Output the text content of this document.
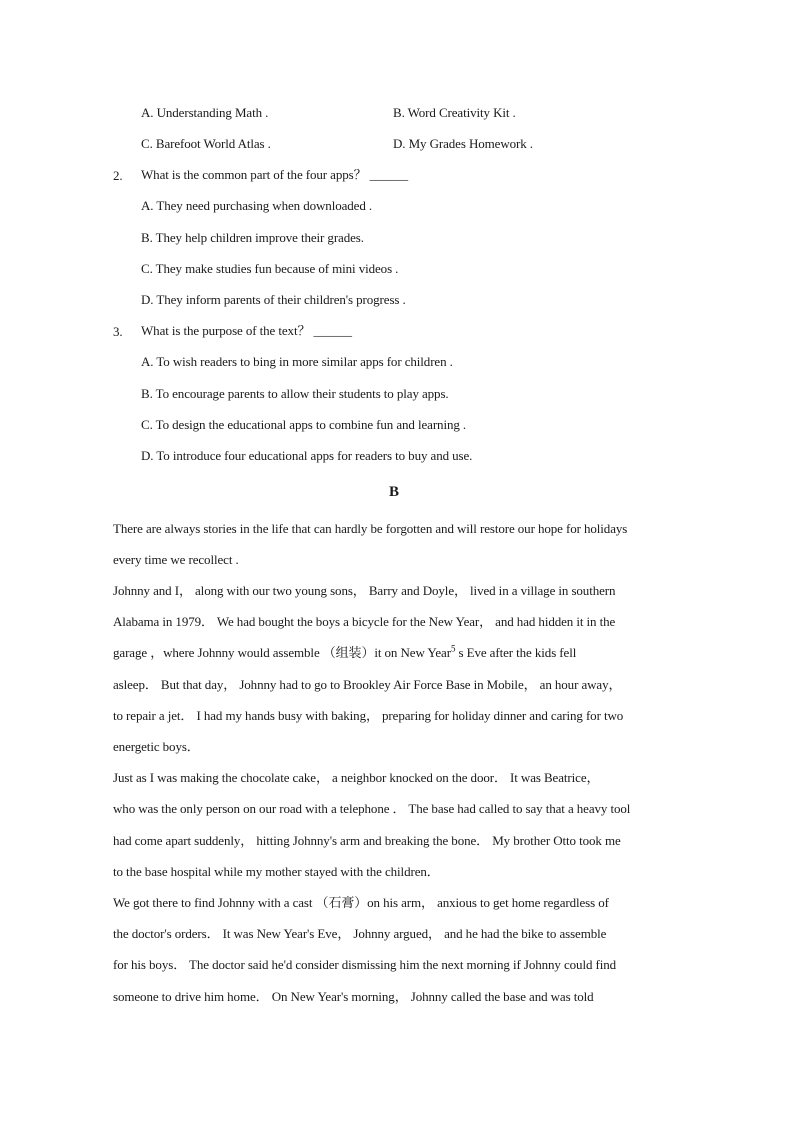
A. Understanding Math .	B. Word Creativity Kit .
C. Barefoot World Atlas .	D. My Grades Homework .
2. What is the common part of the four apps？ ______
A. They need purchasing when downloaded .
B. They help children improve their grades.
C. They make studies fun because of mini videos .
D. They inform parents of their children's progress .
3. What is the purpose of the text？ ______
A. To wish readers to bing in more similar apps for children .
B. To encourage parents to allow their students to play apps.
C. To design the educational apps to combine fun and learning .
D. To introduce four educational apps for readers to buy and use.
B
There are always stories in the life that can hardly be forgotten and will restore our hope for holidays
every time we recollect .
Johnny and I， along with our two young sons， Barry and Doyle， lived in a village in southern
Alabama in 1979． We had bought the boys a bicycle for the New Year， and had hidden it in the
garage ，where Johnny would assemble （组装）it on New Year$^5$ s Eve after the kids fell
asleep． But that day， Johnny had to go to Brookley Air Force Base in Mobile， an hour away，
to repair a jet． I had my hands busy with baking， preparing for holiday dinner and caring for two
energetic boys．
Just as I was making the chocolate cake， a neighbor knocked on the door． It was Beatrice，
who was the only person on our road with a telephone ． The base had called to say that a heavy tool
had come apart suddenly， hitting Johnny's arm and breaking the bone． My brother Otto took me
to the base hospital while my mother stayed with the children．
We got there to find Johnny with a cast （石膏）on his arm， anxious to get home regardless of
the doctor's orders． It was New Year's Eve， Johnny argued， and he had the bike to assemble
for his boys． The doctor said he'd consider dismissing him the next morning if Johnny could find
someone to drive him home． On New Year's morning， Johnny called the base and was told
